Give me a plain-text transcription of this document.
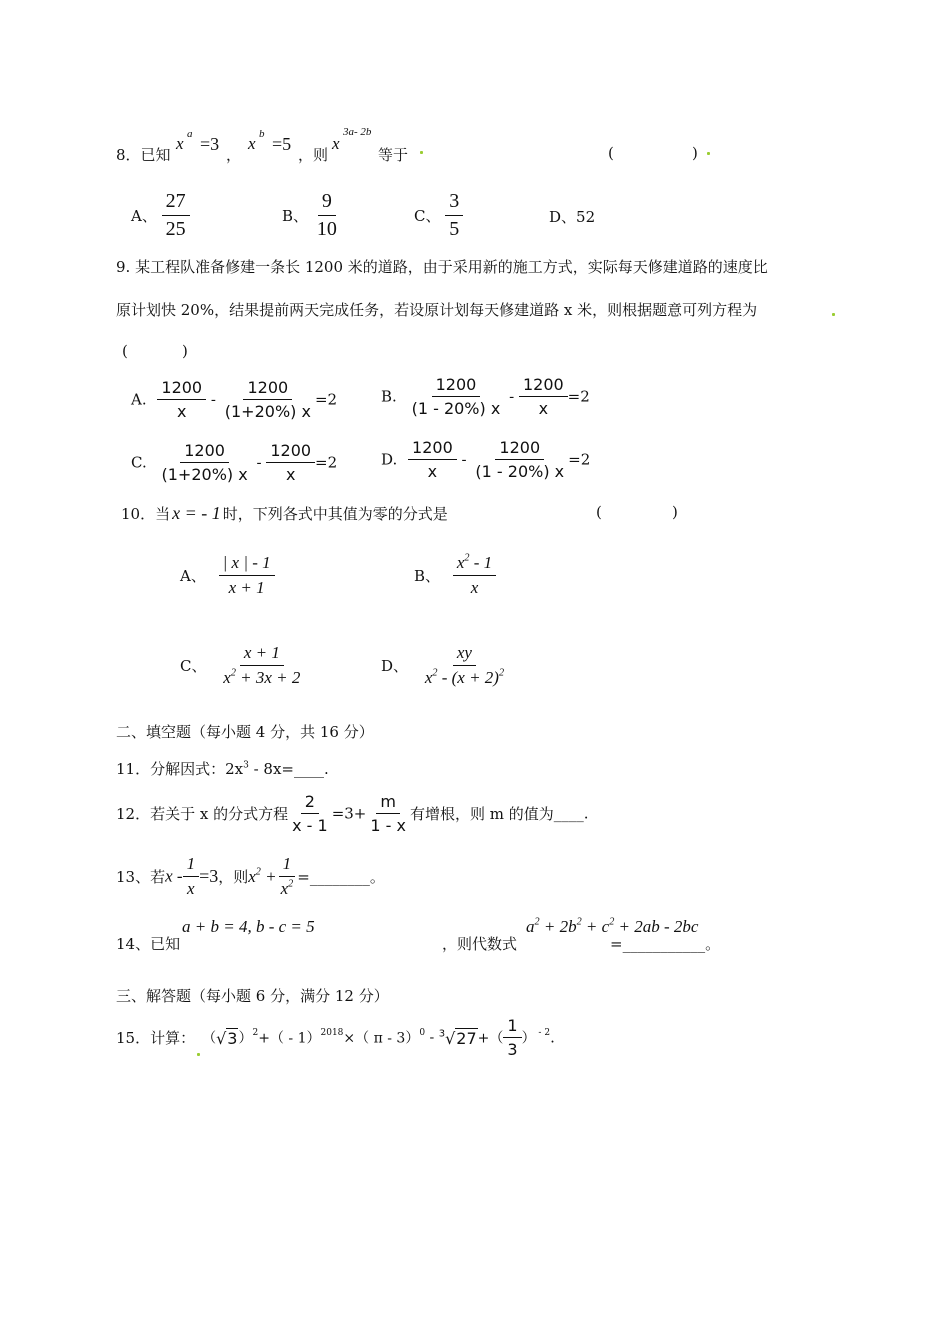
8．已知
x a =3
，
x b =5
，则
x
3a- 2b
等于	(	)
A、 $\frac{27}{25}$	B、 $\frac{9}{10}$	C、 $\frac{3}{5}$	D、52
9. 某工程队准备修建一条长 1200 米的道路，由于采用新的施工方式，实际每天修建道路的速度比
原计划快 20%，结果提前两天完成任务，若设原计划每天修建道路 x 米，则根据题意可列方程为
(	)
A. $\frac{1200}{x} - \frac{1200}{(1+20\%) x} =2$	B. $\frac{1200}{(1 - 20\%) x} - \frac{1200}{x} =2$
C. $\frac{1200}{(1+20\%) x} - \frac{1200}{x} =2$	D. $\frac{1200}{x} - \frac{1200}{(1 - 20\%) x} =2$
10．当 x = - 1 时，下列各式中其值为零的分式是	(	)
A、 $\frac{| x | - 1}{x + 1}$	B、 $\frac{x^2 - 1}{x}$
C、 $\frac{x + 1}{x^2 + 3x + 2}$	D、 $\frac{xy}{x^2 - (x + 2)^2}$
二、填空题（每小题 4 分，共 16 分）
11．分解因式：$2x^3$ - 8x=____.
12．若关于 x 的分式方程 $\frac{2}{x - 1} =3+ \frac{m}{1 - x}$ 有增根，则 m 的值为____.
13、若$x - \frac{1}{x} =3$，则$x^2 + \frac{1}{x^2}$ =________。
14、已知
a + b = 4, b - c = 5
，则代数式
$a^2 + 2b^2 + c^2 + 2ab - 2bc$
=___________。
三、解答题（每小题 6 分，满分 12 分）
15．计算： $(√3)^2+( - 1)^{2018}\times$（ $\pi - 3)^0 - ^3√27+( \frac{1}{3}$ ） $^{- 2}$.
